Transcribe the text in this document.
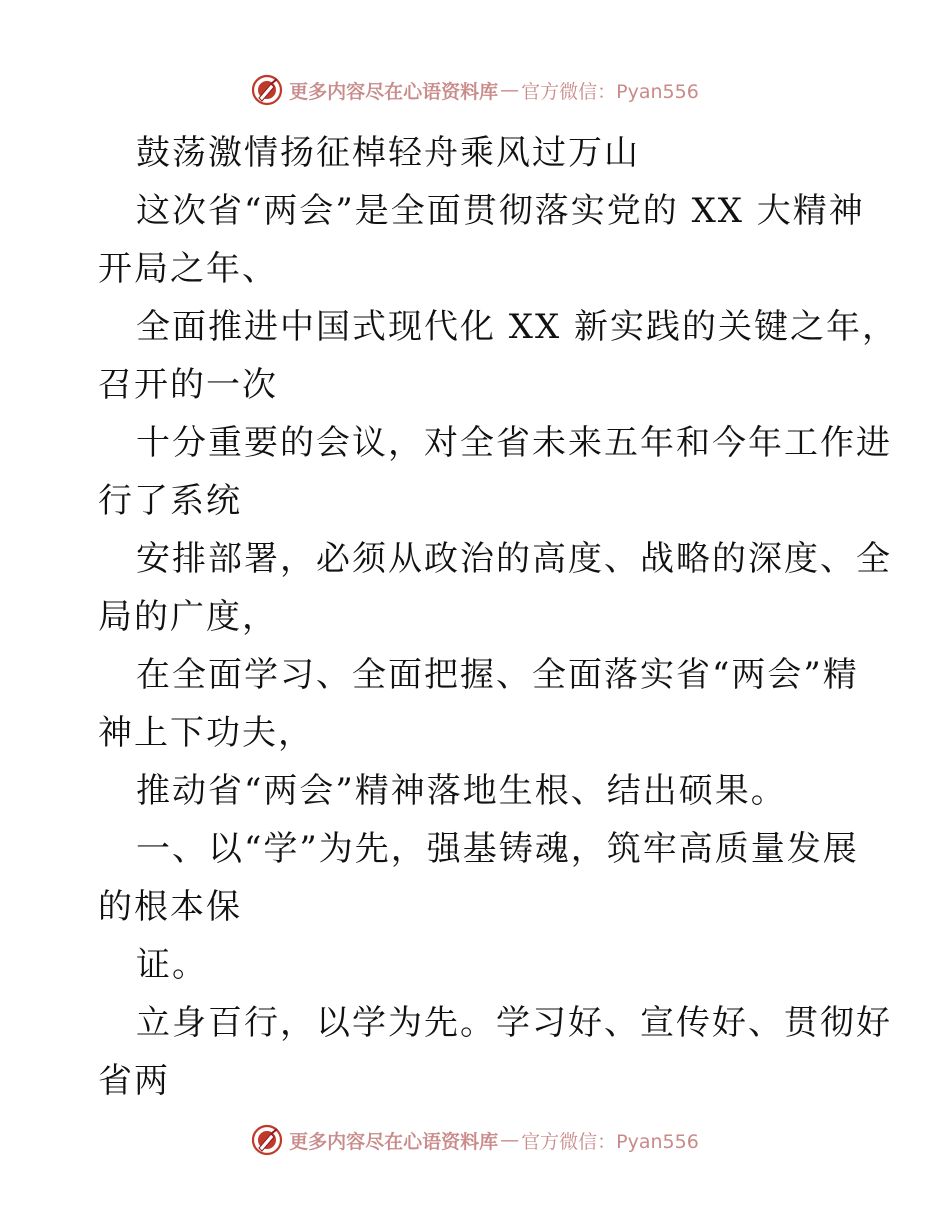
更多内容尽在心语资料库 — 官方微信：Pyan556
鼓荡激情扬征棹轻舟乘风过万山
这次省“两会”是全面贯彻落实党的 XX 大精神
开局之年、
全面推进中国式现代化 XX 新实践的关键之年，
召开的一次
十分重要的会议，对全省未来五年和今年工作进
行了系统
安排部署，必须从政治的高度、战略的深度、全
局的广度，
在全面学习、全面把握、全面落实省“两会”精
神上下功夫，
推动省“两会”精神落地生根、结出硕果。
一、以“学”为先，强基铸魂，筑牢高质量发展
的根本保
证。
立身百行，以学为先。学习好、宣传好、贯彻好
省两
更多内容尽在心语资料库 — 官方微信：Pyan556
